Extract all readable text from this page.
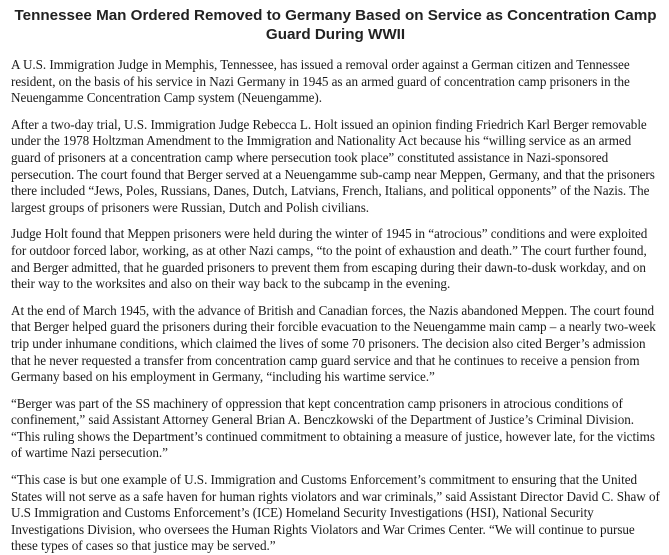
Tennessee Man Ordered Removed to Germany Based on Service as Concentration Camp Guard During WWII

A U.S. Immigration Judge in Memphis, Tennessee, has issued a removal order against a German citizen and Tennessee resident, on the basis of his service in Nazi Germany in 1945 as an armed guard of concentration camp prisoners in the Neuengamme Concentration Camp system (Neuengamme).

After a two-day trial, U.S. Immigration Judge Rebecca L. Holt issued an opinion finding Friedrich Karl Berger removable under the 1978 Holtzman Amendment to the Immigration and Nationality Act because his “willing service as an armed guard of prisoners at a concentration camp where persecution took place” constituted assistance in Nazi-sponsored persecution. The court found that Berger served at a Neuengamme sub-camp near Meppen, Germany, and that the prisoners there included “Jews, Poles, Russians, Danes, Dutch, Latvians, French, Italians, and political opponents” of the Nazis. The largest groups of prisoners were Russian, Dutch and Polish civilians.

Judge Holt found that Meppen prisoners were held during the winter of 1945 in “atrocious” conditions and were exploited for outdoor forced labor, working, as at other Nazi camps, “to the point of exhaustion and death.” The court further found, and Berger admitted, that he guarded prisoners to prevent them from escaping during their dawn-to-dusk workday, and on their way to the worksites and also on their way back to the subcamp in the evening.

At the end of March 1945, with the advance of British and Canadian forces, the Nazis abandoned Meppen. The court found that Berger helped guard the prisoners during their forcible evacuation to the Neuengamme main camp – a nearly two-week trip under inhumane conditions, which claimed the lives of some 70 prisoners. The decision also cited Berger’s admission that he never requested a transfer from concentration camp guard service and that he continues to receive a pension from Germany based on his employment in Germany, “including his wartime service.”

“Berger was part of the SS machinery of oppression that kept concentration camp prisoners in atrocious conditions of confinement,” said Assistant Attorney General Brian A. Benczkowski of the Department of Justice’s Criminal Division. “This ruling shows the Department’s continued commitment to obtaining a measure of justice, however late, for the victims of wartime Nazi persecution.”

“This case is but one example of U.S. Immigration and Customs Enforcement’s commitment to ensuring that the United States will not serve as a safe haven for human rights violators and war criminals,” said Assistant Director David C. Shaw of U.S Immigration and Customs Enforcement’s (ICE) Homeland Security Investigations (HSI), National Security Investigations Division, who oversees the Human Rights Violators and War Crimes Center. “We will continue to pursue these types of cases so that justice may be served.”
